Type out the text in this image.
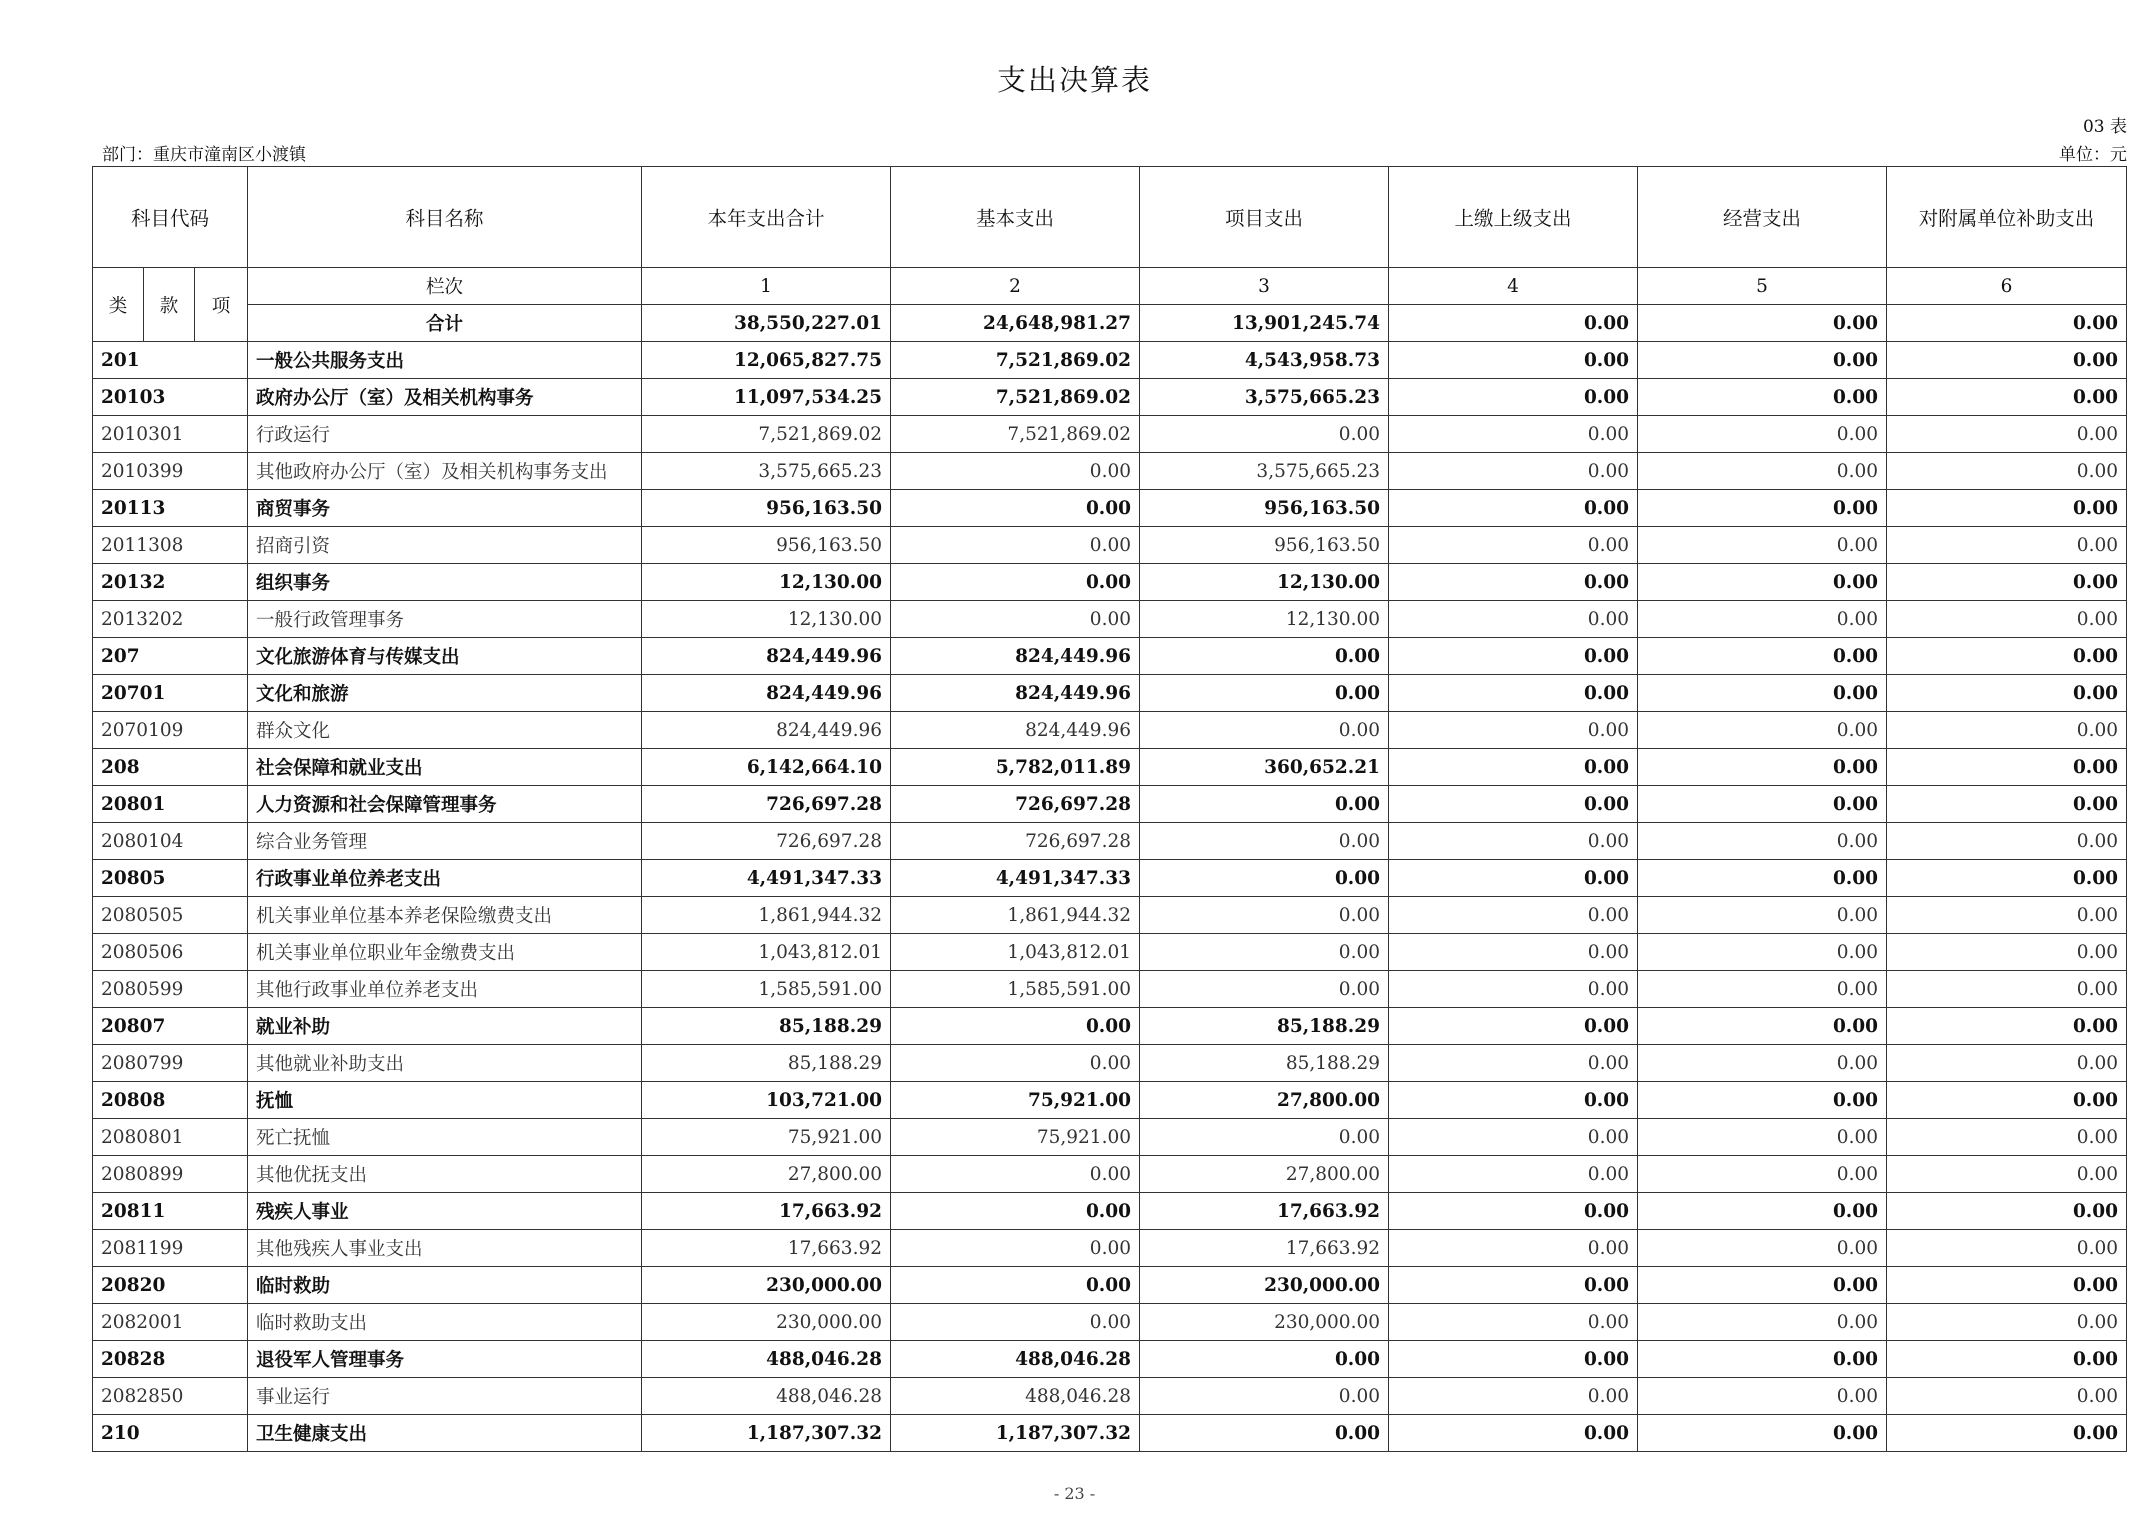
支出决算表
03 表
部门：重庆市潼南区小渡镇	单位：元
科目代码			科目名称	本年支出合计	基本支出	项目支出	上缴上级支出	经营支出	对附属单位补助支出
类	款	项	栏次	1	2	3	4	5	6
			合计	38,550,227.01	24,648,981.27	13,901,245.74	0.00	0.00	0.00
201			一般公共服务支出	12,065,827.75	7,521,869.02	4,543,958.73	0.00	0.00	0.00
20103			政府办公厅（室）及相关机构事务	11,097,534.25	7,521,869.02	3,575,665.23	0.00	0.00	0.00
2010301			行政运行	7,521,869.02	7,521,869.02	0.00	0.00	0.00	0.00
2010399			其他政府办公厅（室）及相关机构事务支出	3,575,665.23	0.00	3,575,665.23	0.00	0.00	0.00
20113			商贸事务	956,163.50	0.00	956,163.50	0.00	0.00	0.00
2011308			招商引资	956,163.50	0.00	956,163.50	0.00	0.00	0.00
20132			组织事务	12,130.00	0.00	12,130.00	0.00	0.00	0.00
2013202			一般行政管理事务	12,130.00	0.00	12,130.00	0.00	0.00	0.00
207			文化旅游体育与传媒支出	824,449.96	824,449.96	0.00	0.00	0.00	0.00
20701			文化和旅游	824,449.96	824,449.96	0.00	0.00	0.00	0.00
2070109			群众文化	824,449.96	824,449.96	0.00	0.00	0.00	0.00
208			社会保障和就业支出	6,142,664.10	5,782,011.89	360,652.21	0.00	0.00	0.00
20801			人力资源和社会保障管理事务	726,697.28	726,697.28	0.00	0.00	0.00	0.00
2080104			综合业务管理	726,697.28	726,697.28	0.00	0.00	0.00	0.00
20805			行政事业单位养老支出	4,491,347.33	4,491,347.33	0.00	0.00	0.00	0.00
2080505			机关事业单位基本养老保险缴费支出	1,861,944.32	1,861,944.32	0.00	0.00	0.00	0.00
2080506			机关事业单位职业年金缴费支出	1,043,812.01	1,043,812.01	0.00	0.00	0.00	0.00
2080599			其他行政事业单位养老支出	1,585,591.00	1,585,591.00	0.00	0.00	0.00	0.00
20807			就业补助	85,188.29	0.00	85,188.29	0.00	0.00	0.00
2080799			其他就业补助支出	85,188.29	0.00	85,188.29	0.00	0.00	0.00
20808			抚恤	103,721.00	75,921.00	27,800.00	0.00	0.00	0.00
2080801			死亡抚恤	75,921.00	75,921.00	0.00	0.00	0.00	0.00
2080899			其他优抚支出	27,800.00	0.00	27,800.00	0.00	0.00	0.00
20811			残疾人事业	17,663.92	0.00	17,663.92	0.00	0.00	0.00
2081199			其他残疾人事业支出	17,663.92	0.00	17,663.92	0.00	0.00	0.00
20820			临时救助	230,000.00	0.00	230,000.00	0.00	0.00	0.00
2082001			临时救助支出	230,000.00	0.00	230,000.00	0.00	0.00	0.00
20828			退役军人管理事务	488,046.28	488,046.28	0.00	0.00	0.00	0.00
2082850			事业运行	488,046.28	488,046.28	0.00	0.00	0.00	0.00
210			卫生健康支出	1,187,307.32	1,187,307.32	0.00	0.00	0.00	0.00
- 23 -
